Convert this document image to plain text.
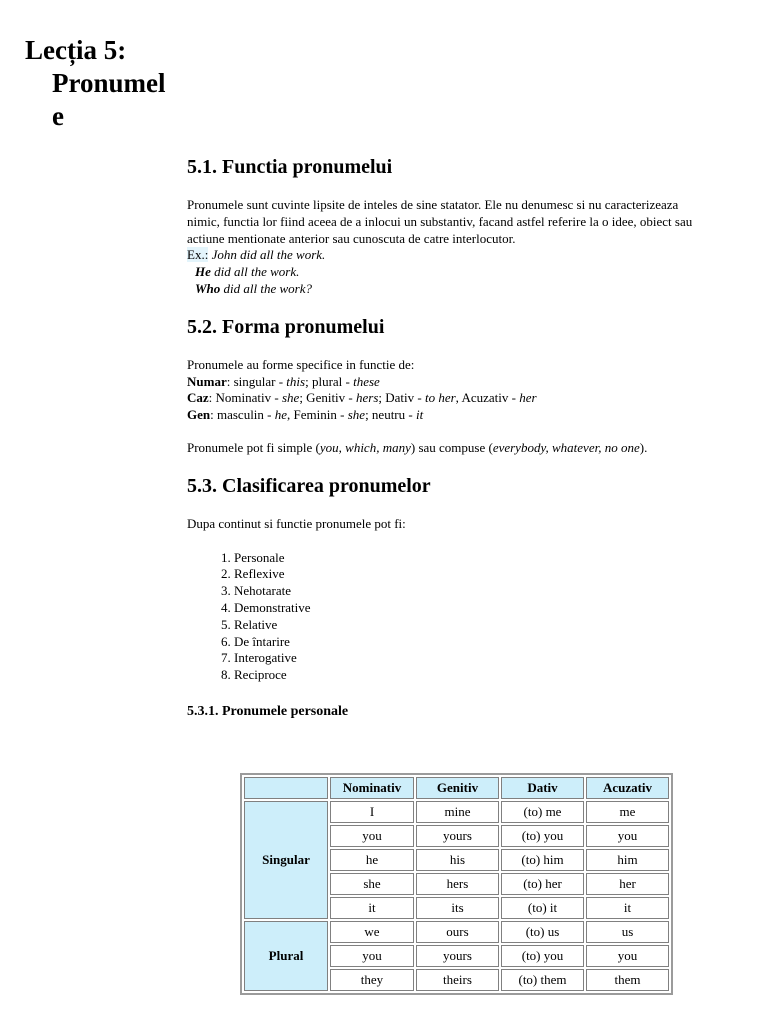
Lecția 5:
Pronumel
e
5.1. Functia pronumelui

Pronumele sunt cuvinte lipsite de inteles de sine statator. Ele nu denumesc si nu caracterizeaza nimic, functia lor fiind aceea de a inlocui un substantiv, facand astfel referire la o idee, obiect sau actiune mentionate anterior sau cunoscuta de catre interlocutor.

Ex.: John did all the work.
He did all the work.
Who did all the work?
5.2. Forma pronumelui

Pronumele au forme specifice in functie de:

Numar: singular - this; plural - these

Caz: Nominativ - she; Genitiv - hers; Dativ - to her, Acuzativ - her

Gen: masculin - he, Feminin - she; neutru - it

Pronumele pot fi simple (you, which, many) sau compuse (everybody, whatever, no one).

5.3. Clasificarea pronumelor

Dupa continut si functie pronumele pot fi:

1. Personale
2. Reflexive
3. Nehotarate
4. Demonstrative
5. Relative
6. De întarire
7. Interogative
8. Reciproce
5.3.1. Pronumele personale
	Nominativ	Genitiv	Dativ	Acuzativ
Singular	I	mine	(to) me	me
	you	yours	(to) you	you
	he	his	(to) him	him
	she	hers	(to) her	her
	it	its	(to) it	it
Plural	we	ours	(to) us	us
	you	yours	(to) you	you
	they	theirs	(to) them	them
